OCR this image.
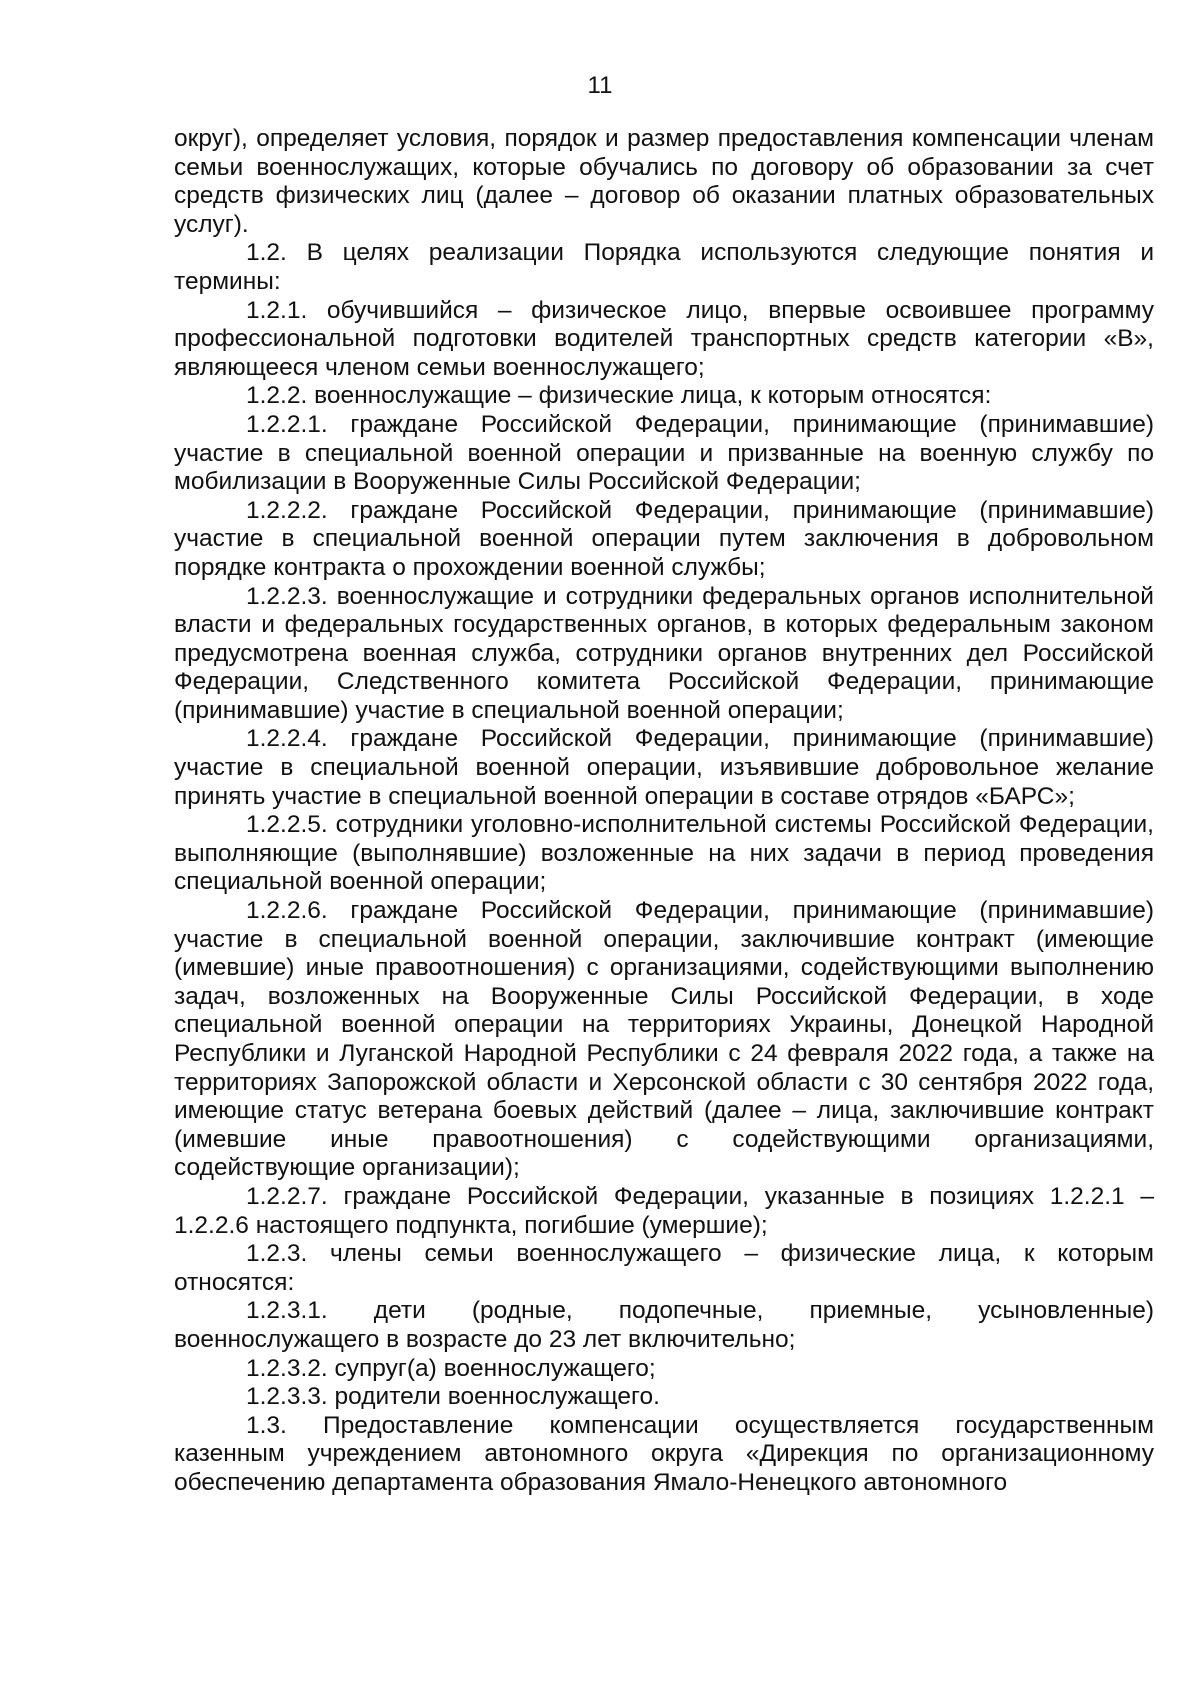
11

округ), определяет условия, порядок и размер предоставления компенсации членам семьи военнослужащих, которые обучались по договору об образовании за счет средств физических лиц (далее – договор об оказании платных образовательных услуг).

1.2. В целях реализации Порядка используются следующие понятия и термины:

1.2.1. обучившийся – физическое лицо, впервые освоившее программу профессиональной подготовки водителей транспортных средств категории «В», являющееся членом семьи военнослужащего;

1.2.2. военнослужащие – физические лица, к которым относятся:

1.2.2.1. граждане Российской Федерации, принимающие (принимавшие) участие в специальной военной операции и призванные на военную службу по мобилизации в Вооруженные Силы Российской Федерации;

1.2.2.2. граждане Российской Федерации, принимающие (принимавшие) участие в специальной военной операции путем заключения в добровольном порядке контракта о прохождении военной службы;

1.2.2.3. военнослужащие и сотрудники федеральных органов исполнительной власти и федеральных государственных органов, в которых федеральным законом предусмотрена военная служба, сотрудники органов внутренних дел Российской Федерации, Следственного комитета Российской Федерации, принимающие (принимавшие) участие в специальной военной операции;

1.2.2.4. граждане Российской Федерации, принимающие (принимавшие) участие в специальной военной операции, изъявившие добровольное желание принять участие в специальной военной операции в составе отрядов «БАРС»;

1.2.2.5. сотрудники уголовно-исполнительной системы Российской Федерации, выполняющие (выполнявшие) возложенные на них задачи в период проведения специальной военной операции;

1.2.2.6. граждане Российской Федерации, принимающие (принимавшие) участие в специальной военной операции, заключившие контракт (имеющие (имевшие) иные правоотношения) с организациями, содействующими выполнению задач, возложенных на Вооруженные Силы Российской Федерации, в ходе специальной военной операции на территориях Украины, Донецкой Народной Республики и Луганской Народной Республики с 24 февраля 2022 года, а также на территориях Запорожской области и Херсонской области с 30 сентября 2022 года, имеющие статус ветерана боевых действий (далее – лица, заключившие контракт (имевшие иные правоотношения) с содействующими организациями, содействующие организации);

1.2.2.7. граждане Российской Федерации, указанные в позициях 1.2.2.1 – 1.2.2.6 настоящего подпункта, погибшие (умершие);

1.2.3. члены семьи военнослужащего – физические лица, к которым относятся:

1.2.3.1. дети (родные, подопечные, приемные, усыновленные) военнослужащего в возрасте до 23 лет включительно;

1.2.3.2. супруг(а) военнослужащего;

1.2.3.3. родители военнослужащего.

1.3. Предоставление компенсации осуществляется государственным казенным учреждением автономного округа «Дирекция по организационному обеспечению департамента образования Ямало-Ненецкого автономного
